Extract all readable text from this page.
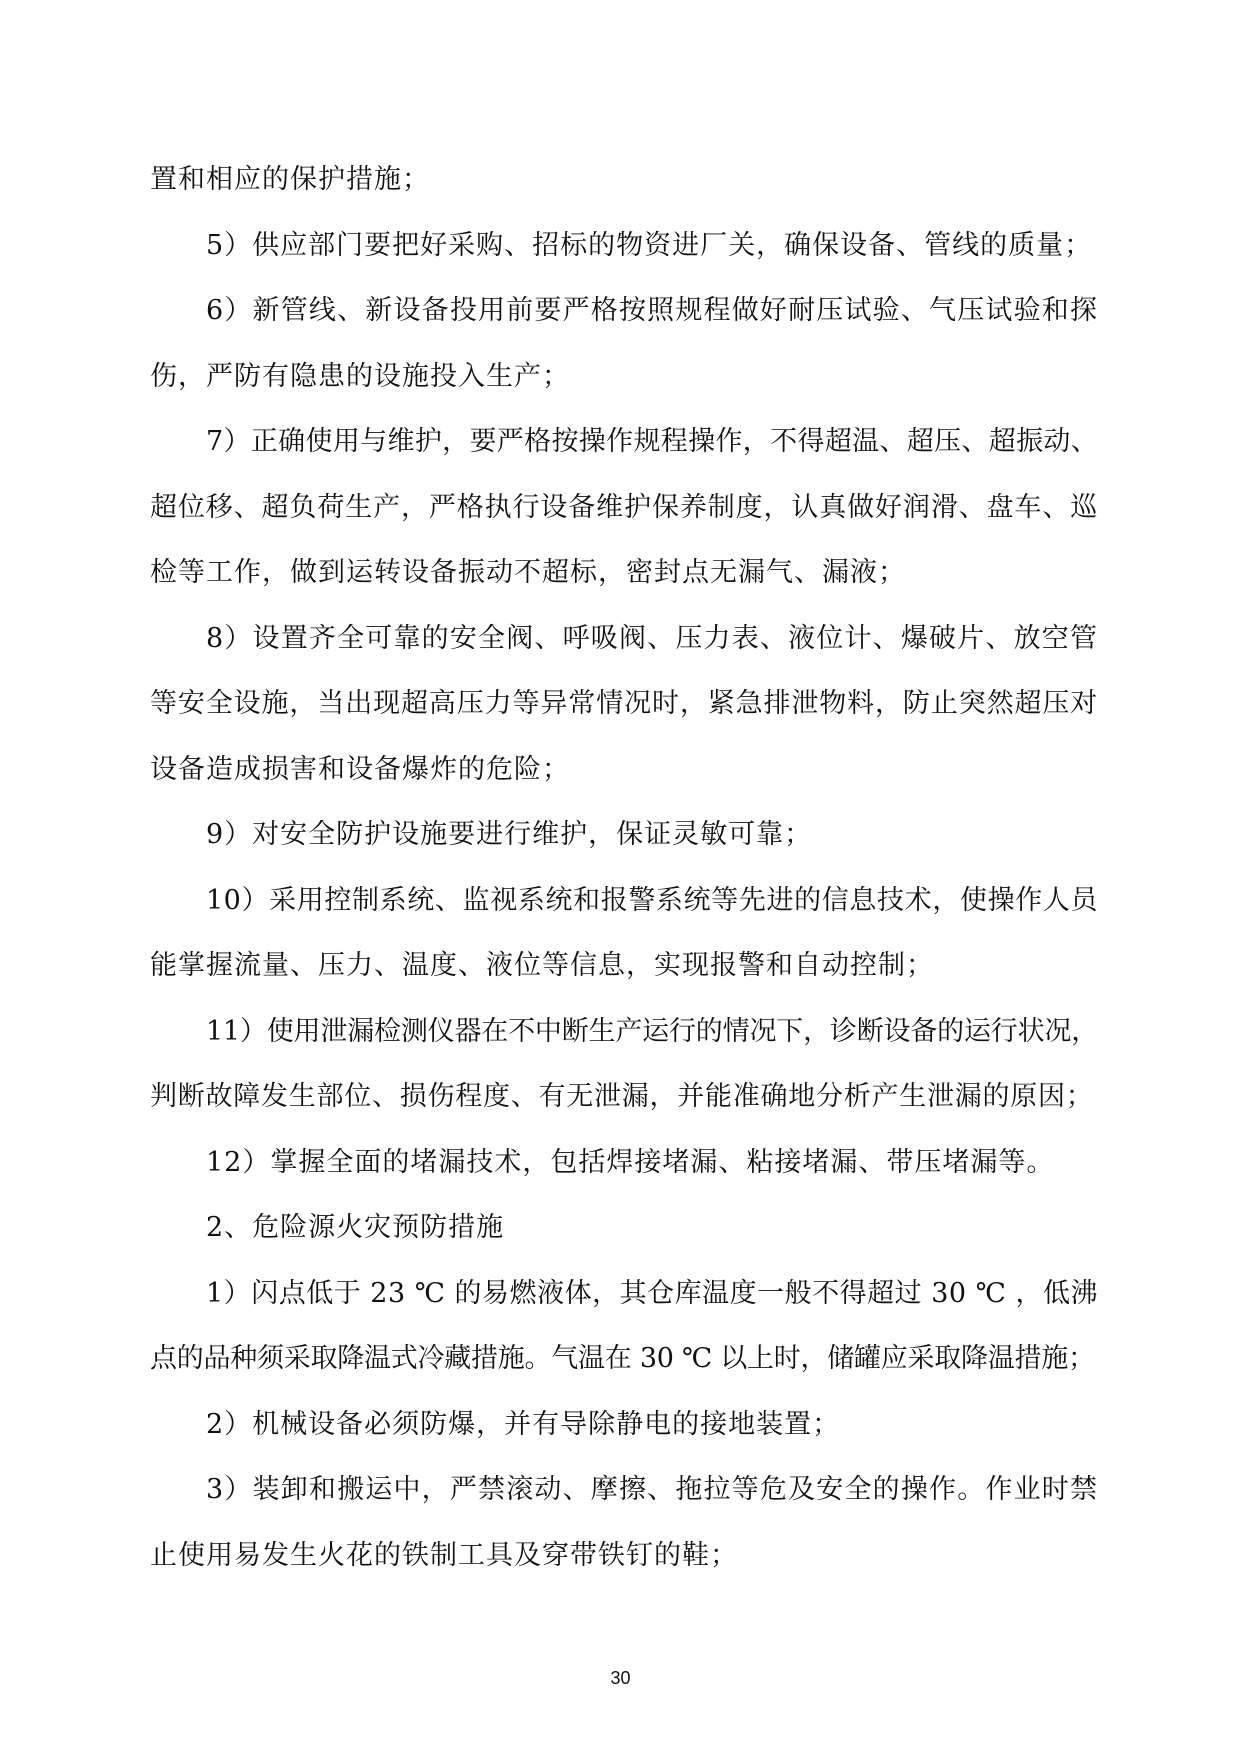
置和相应的保护措施；
5）供应部门要把好采购、招标的物资进厂关，确保设备、管线的质量；
6）新管线、新设备投用前要严格按照规程做好耐压试验、气压试验和探
伤，严防有隐患的设施投入生产；
7）正确使用与维护，要严格按操作规程操作，不得超温、超压、超振动、
超位移、超负荷生产，严格执行设备维护保养制度，认真做好润滑、盘车、巡
检等工作，做到运转设备振动不超标，密封点无漏气、漏液；
8）设置齐全可靠的安全阀、呼吸阀、压力表、液位计、爆破片、放空管
等安全设施，当出现超高压力等异常情况时，紧急排泄物料，防止突然超压对
设备造成损害和设备爆炸的危险；
9）对安全防护设施要进行维护，保证灵敏可靠；
10）采用控制系统、监视系统和报警系统等先进的信息技术，使操作人员
能掌握流量、压力、温度、液位等信息，实现报警和自动控制；
11）使用泄漏检测仪器在不中断生产运行的情况下，诊断设备的运行状况，
判断故障发生部位、损伤程度、有无泄漏，并能准确地分析产生泄漏的原因；
12）掌握全面的堵漏技术，包括焊接堵漏、粘接堵漏、带压堵漏等。
2、危险源火灾预防措施
1）闪点低于 23 ℃ 的易燃液体，其仓库温度一般不得超过 30 ℃ ，低沸
点的品种须采取降温式冷藏措施。气温在 30 ℃ 以上时，储罐应采取降温措施；
2）机械设备必须防爆，并有导除静电的接地装置；
3）装卸和搬运中，严禁滚动、摩擦、拖拉等危及安全的操作。作业时禁
止使用易发生火花的铁制工具及穿带铁钉的鞋；
30
